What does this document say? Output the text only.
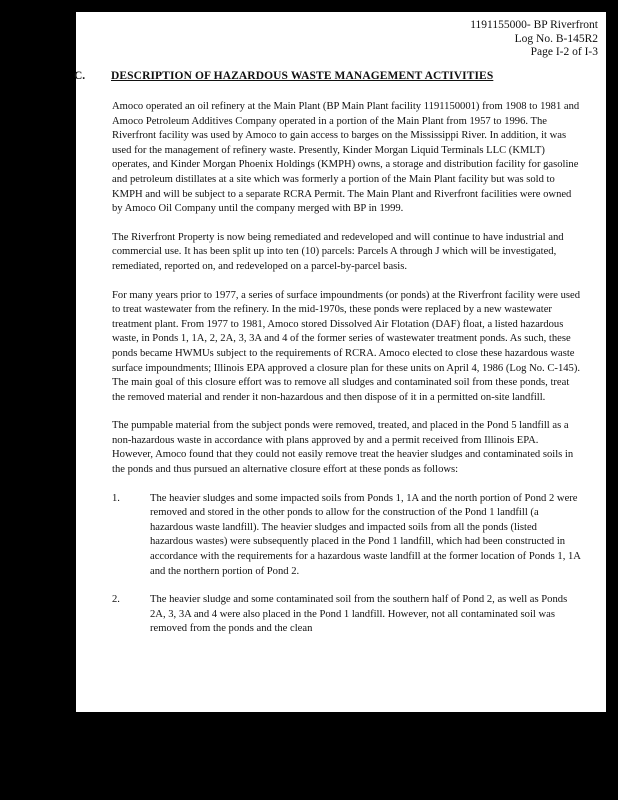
1191155000- BP Riverfront
Log No. B-145R2
Page I-2 of I-3
C. DESCRIPTION OF HAZARDOUS WASTE MANAGEMENT ACTIVITIES

Amoco operated an oil refinery at the Main Plant (BP Main Plant facility 1191150001) from 1908 to 1981 and Amoco Petroleum Additives Company operated in a portion of the Main Plant from 1957 to 1996. The Riverfront facility was used by Amoco to gain access to barges on the Mississippi River. In addition, it was used for the management of refinery waste. Presently, Kinder Morgan Liquid Terminals LLC (KMLT) operates, and Kinder Morgan Phoenix Holdings (KMPH) owns, a storage and distribution facility for gasoline and petroleum distillates at a site which was formerly a portion of the Main Plant facility but was sold to KMPH and will be subject to a separate RCRA Permit. The Main Plant and Riverfront facilities were owned by Amoco Oil Company until the company merged with BP in 1999.

The Riverfront Property is now being remediated and redeveloped and will continue to have industrial and commercial use. It has been split up into ten (10) parcels: Parcels A through J which will be investigated, remediated, reported on, and redeveloped on a parcel-by-parcel basis.

For many years prior to 1977, a series of surface impoundments (or ponds) at the Riverfront facility were used to treat wastewater from the refinery. In the mid-1970s, these ponds were replaced by a new wastewater treatment plant. From 1977 to 1981, Amoco stored Dissolved Air Flotation (DAF) float, a listed hazardous waste, in Ponds 1, 1A, 2, 2A, 3, 3A and 4 of the former series of wastewater treatment ponds. As such, these ponds became HWMUs subject to the requirements of RCRA. Amoco elected to close these hazardous waste surface impoundments; Illinois EPA approved a closure plan for these units on April 4, 1986 (Log No. C-145). The main goal of this closure effort was to remove all sludges and contaminated soil from these ponds, treat the removed material and render it non-hazardous and then dispose of it in a permitted on-site landfill.

The pumpable material from the subject ponds were removed, treated, and placed in the Pond 5 landfill as a non-hazardous waste in accordance with plans approved by and a permit received from Illinois EPA. However, Amoco found that they could not easily remove treat the heavier sludges and contaminated soils in the ponds and thus pursued an alternative closure effort at these ponds as follows:

1.	The heavier sludges and some impacted soils from Ponds 1, 1A and the north portion of Pond 2 were removed and stored in the other ponds to allow for the construction of the Pond 1 landfill (a hazardous waste landfill). The heavier sludges and impacted soils from all the ponds (listed hazardous wastes) were subsequently placed in the Pond 1 landfill, which had been constructed in accordance with the requirements for a hazardous waste landfill at the former location of Ponds 1, 1A and the northern portion of Pond 2.
2.	The heavier sludge and some contaminated soil from the southern half of Pond 2, as well as Ponds 2A, 3, 3A and 4 were also placed in the Pond 1 landfill. However, not all contaminated soil was removed from the ponds and the clean
